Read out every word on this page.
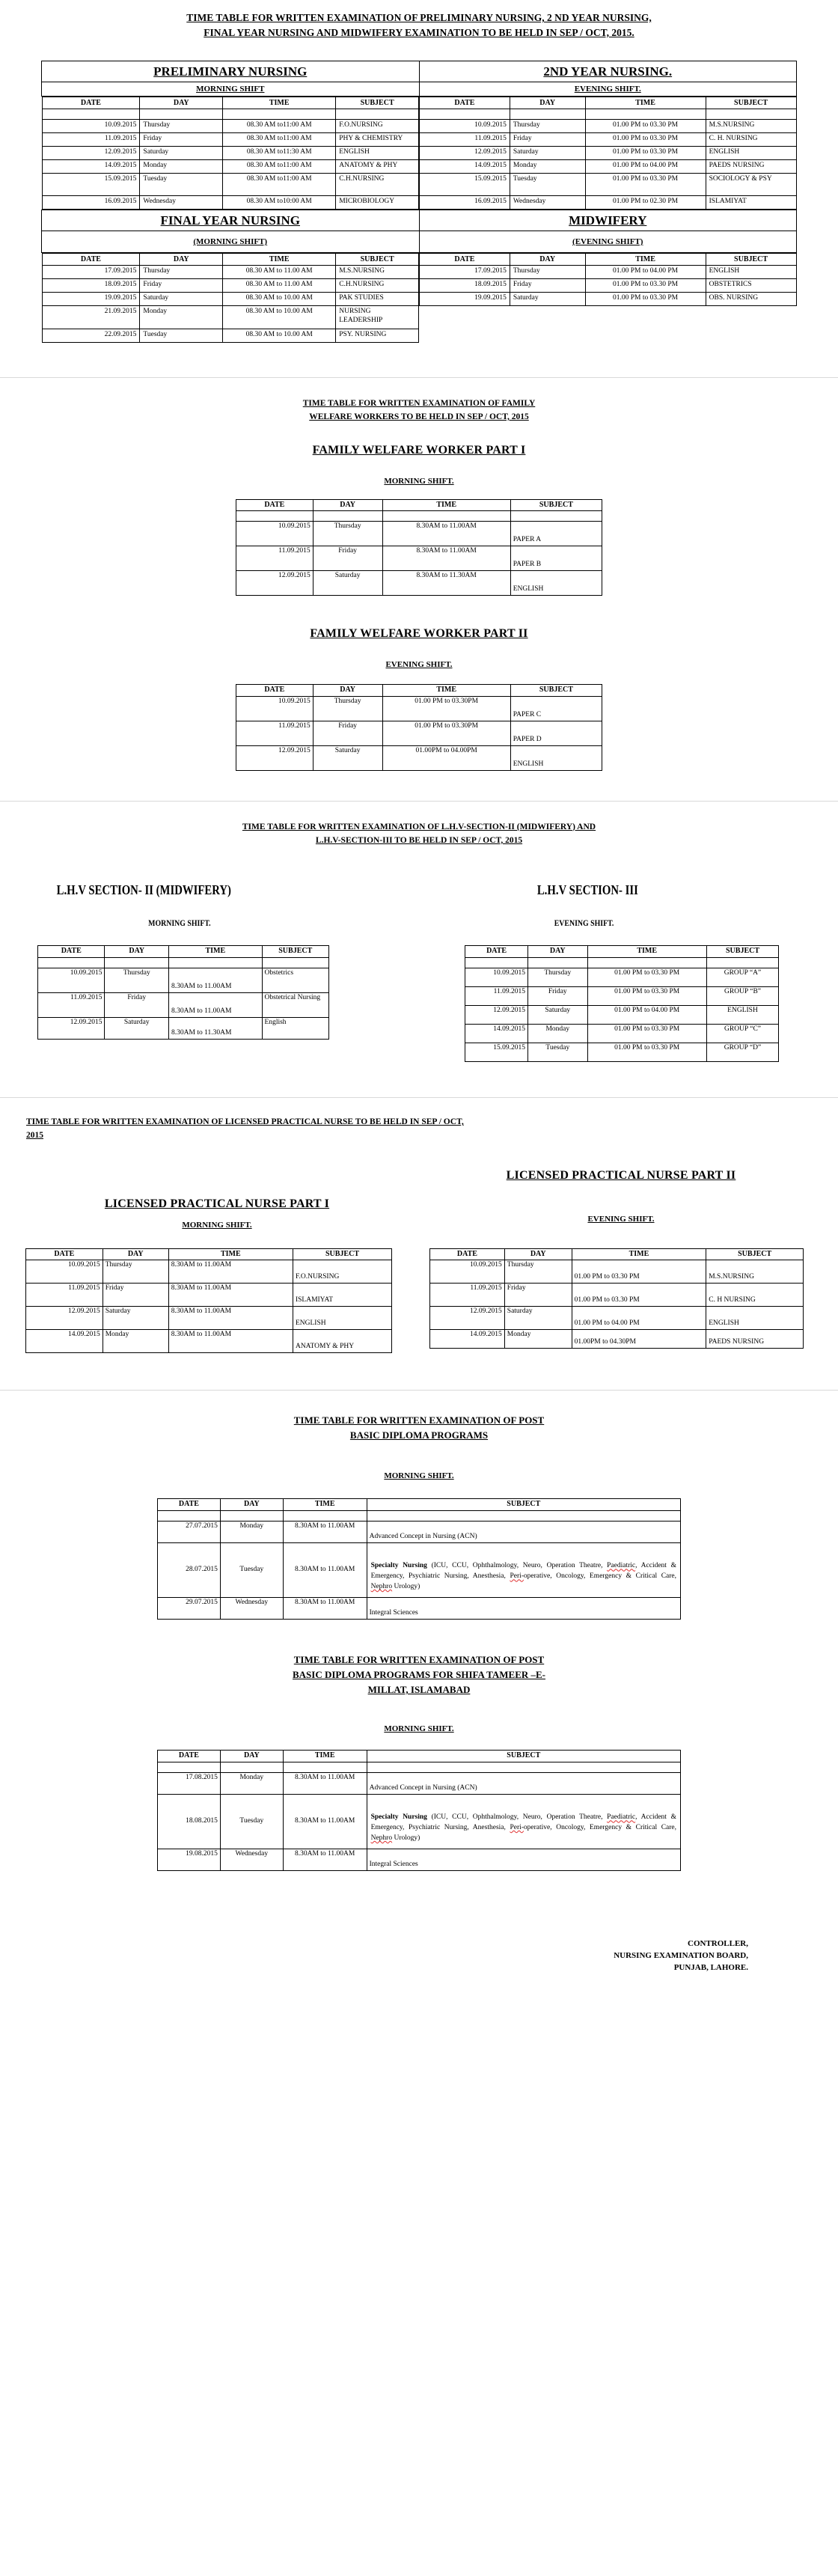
TIME TABLE FOR WRITTEN EXAMINATION OF PRELIMINARY NURSING, 2 ND YEAR NURSING,
FINAL YEAR NURSING AND MIDWIFERY EXAMINATION TO BE HELD IN SEP / OCT, 2015.
PRELIMINARY NURSING	2ND YEAR NURSING.

MORNING SHIFT	EVENING SHIFT.

DATE	DAY	TIME	SUBJECT

10.09.2015	Thursday	08.30 AM to11:00 AM	F.O.NURSING
11.09.2015	Friday	08.30 AM to11:00 AM	PHY & CHEMISTRY
12.09.2015	Saturday	08.30 AM to11:30 AM	ENGLISH
14.09.2015	Monday	08.30 AM to11:00 AM	ANATOMY & PHY
15.09.2015	Tuesday	08.30 AM to11:00 AM	C.H.NURSING
16.09.2015	Wednesday	08.30 AM to10:00 AM	MICROBIOLOGY

DATE	DAY	TIME	SUBJECT

10.09.2015	Thursday	01.00 PM to 03.30 PM	M.S.NURSING
11.09.2015	Friday	01.00 PM to 03.30 PM	C. H. NURSING
12.09.2015	Saturday	01.00 PM to 03.30 PM	ENGLISH
14.09.2015	Monday	01.00 PM to 04.00 PM	PAEDS NURSING
15.09.2015	Tuesday	01.00 PM to 03.30 PM	SOCIOLOGY & PSY
16.09.2015	Wednesday	01.00 PM to 02.30 PM	ISLAMIYAT

FINAL YEAR NURSING	MIDWIFERY

(MORNING SHIFT)	(EVENING SHIFT)

DATE	DAY	TIME	SUBJECT
17.09.2015	Thursday	08.30 AM to 11.00 AM	M.S.NURSING
18.09.2015	Friday	08.30 AM to 11.00 AM	C.H.NURSING
19.09.2015	Saturday	08.30 AM to 10.00 AM	PAK STUDIES
21.09.2015	Monday	08.30 AM to 10.00 AM	NURSING LEADERSHIP
22.09.2015	Tuesday	08.30 AM to 10.00 AM	PSY. NURSING

DATE	DAY	TIME	SUBJECT
17.09.2015	Thursday	01.00 PM to 04.00 PM	ENGLISH
18.09.2015	Friday	01.00 PM to 03.30 PM	OBSTETRICS
19.09.2015	Saturday	01.00 PM to 03.30 PM	OBS. NURSING
TIME TABLE FOR WRITTEN EXAMINATION OF FAMILY
WELFARE WORKERS TO BE HELD IN SEP / OCT, 2015
FAMILY WELFARE WORKER PART I
MORNING SHIFT.
DATE	DAY	TIME	SUBJECT

10.09.2015	Thursday	8.30AM to 11.00AM	PAPER A
11.09.2015	Friday	8.30AM to 11.00AM	PAPER B
12.09.2015	Saturday	8.30AM to 11.30AM	ENGLISH
FAMILY WELFARE WORKER PART II
EVENING SHIFT.
DATE	DAY	TIME	SUBJECT
10.09.2015	Thursday	01.00 PM to 03.30PM	PAPER C
11.09.2015	Friday	01.00 PM to 03.30PM	PAPER D
12.09.2015	Saturday	01.00PM to 04.00PM	ENGLISH
TIME TABLE FOR WRITTEN EXAMINATION OF L.H.V-SECTION-II (MIDWIFERY) AND
L.H.V-SECTION-III TO BE HELD IN SEP / OCT, 2015
L.H.V SECTION- II (MIDWIFERY)
MORNING SHIFT.
DATE	DAY	TIME	SUBJECT

10.09.2015	Thursday	8.30AM to 11.00AM	Obstetrics
11.09.2015	Friday	8.30AM to 11.00AM	Obstetrical Nursing
12.09.2015	Saturday	8.30AM to 11.30AM	English

L.H.V SECTION- III
EVENING SHIFT.
DATE	DAY	TIME	SUBJECT

10.09.2015	Thursday	01.00 PM to 03.30 PM	GROUP “A”
11.09.2015	Friday	01.00 PM to 03.30 PM	GROUP “B”
12.09.2015	Saturday	01.00 PM to 04.00 PM	ENGLISH
14.09.2015	Monday	01.00 PM to 03.30 PM	GROUP “C”
15.09.2015	Tuesday	01.00 PM to 03.30 PM	GROUP “D”
TIME TABLE FOR WRITTEN EXAMINATION OF LICENSED PRACTICAL NURSE TO BE HELD IN SEP / OCT,
2015
LICENSED PRACTICAL NURSE PART I

LICENSED PRACTICAL NURSE PART II

MORNING SHIFT.

EVENING SHIFT.

DATE	DAY	TIME	SUBJECT
10.09.2015	Thursday	8.30AM to 11.00AM	F.O.NURSING
11.09.2015	Friday	8.30AM to 11.00AM	ISLAMIYAT
12.09.2015	Saturday	8.30AM to 11.00AM	ENGLISH
14.09.2015	Monday	8.30AM to 11.00AM	ANATOMY & PHY

DATE	DAY	TIME	SUBJECT
10.09.2015	Thursday	01.00 PM to 03.30 PM	M.S.NURSING
11.09.2015	Friday	01.00 PM to 03.30 PM	C. H NURSING
12.09.2015	Saturday	01.00 PM to 04.00 PM	ENGLISH
14.09.2015	Monday	01.00PM to 04.30PM	PAEDS NURSING
TIME TABLE FOR WRITTEN EXAMINATION OF POST
BASIC DIPLOMA PROGRAMS
MORNING SHIFT.
DATE	DAY	TIME	SUBJECT

27.07.2015	Monday	8.30AM to 11.00AM	Advanced Concept in Nursing (ACN)
28.07.2015	Tuesday	8.30AM to 11.00AM	Specialty Nursing (ICU, CCU, Ophthalmology, Neuro, Operation Theatre, Paediatric, Accident & Emergency, Psychiatric Nursing, Anesthesia, Peri-operative, Oncology, Emergency & Critical Care, Nephro Urology)
29.07.2015	Wednesday	8.30AM to 11.00AM	Integral Sciences
TIME TABLE FOR WRITTEN EXAMINATION OF POST
BASIC DIPLOMA PROGRAMS FOR SHIFA TAMEER –E-
MILLAT, ISLAMABAD
MORNING SHIFT.
DATE	DAY	TIME	SUBJECT

17.08.2015	Monday	8.30AM to 11.00AM	Advanced Concept in Nursing (ACN)
18.08.2015	Tuesday	8.30AM to 11.00AM	Specialty Nursing (ICU, CCU, Ophthalmology, Neuro, Operation Theatre, Paediatric, Accident & Emergency, Psychiatric Nursing, Anesthesia, Peri-operative, Oncology, Emergency & Critical Care, Nephro Urology)
19.08.2015	Wednesday	8.30AM to 11.00AM	Integral Sciences
CONTROLLER,
NURSING EXAMINATION BOARD,
PUNJAB, LAHORE.
